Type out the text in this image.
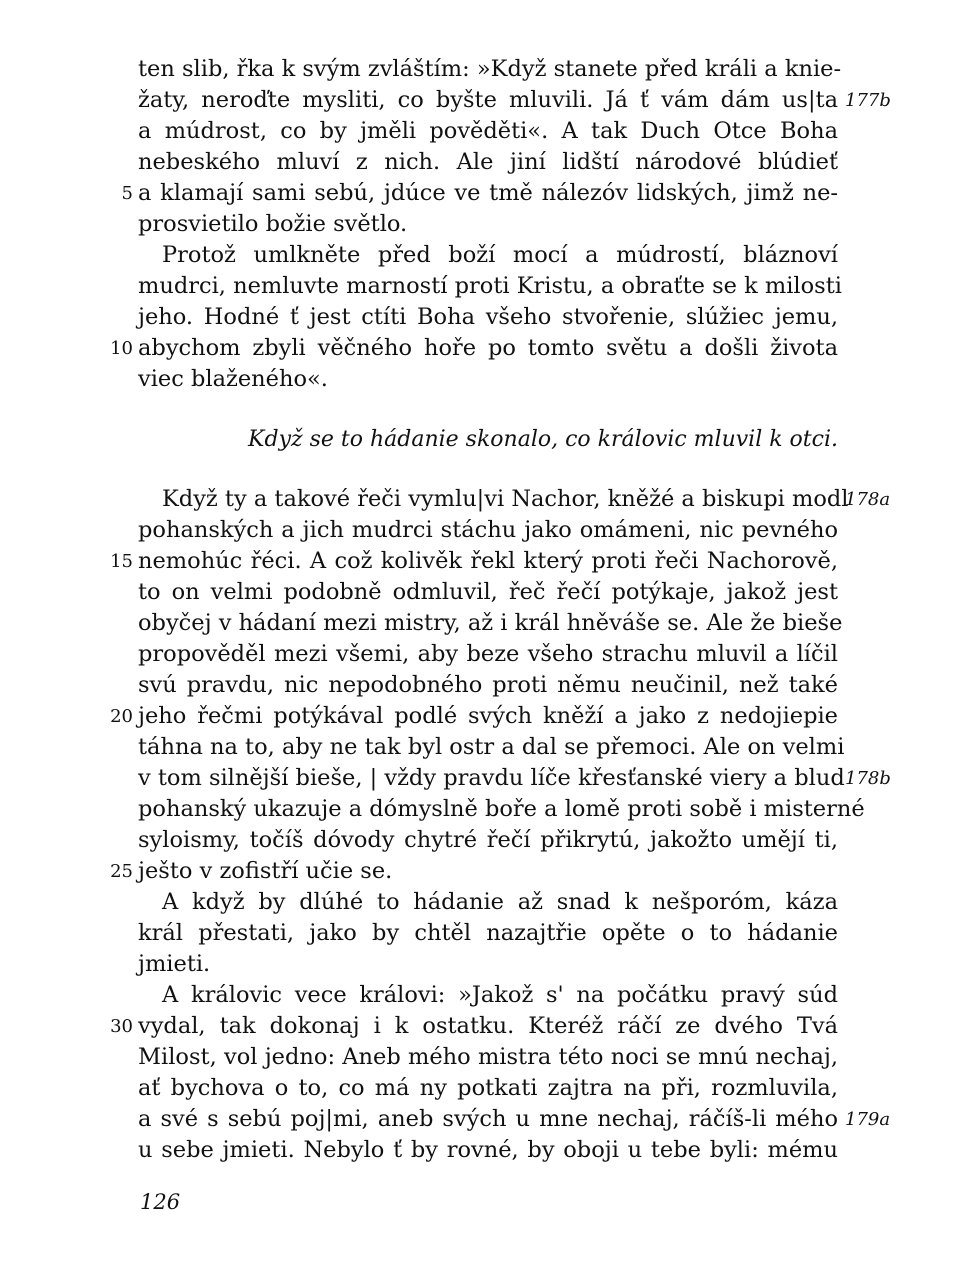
ten slib, řka k svým zvláštím: »Když stanete před králi a knie-
žaty, neroďte mysliti, co byšte mluvili. Já ť vám dám us|ta
a múdrost, co by jměli pověděti«. A tak Duch Otce Boha
nebeského mluví z nich. Ale jiní lidští národové blúdieť
a klamají sami sebú, jdúce ve tmě nálezóv lidských, jimž ne-
prosvietilo božie světlo.
Protož umlkněte před boží mocí a múdrostí, bláznoví
mudrci, nemluvte marností proti Kristu, a obraťte se k milosti
jeho. Hodné ť jest ctíti Boha všeho stvořenie, slúžiec jemu,
abychom zbyli věčného hoře po tomto světu a došli života
viec blaženého«.
Když se to hádanie skonalo, co královic mluvil k otci.
Když ty a takové řeči vymlu|vi Nachor, kněžé a biskupi modl
pohanských a jich mudrci stáchu jako omámeni, nic pevného
nemohúc řéci. A což kolivěk řekl který proti řeči Nachorově,
to on velmi podobně odmluvil, řeč řečí potýkaje, jakož jest
obyčej v hádaní mezi mistry, až i král hněváše se. Ale že bieše
propověděl mezi všemi, aby beze všeho strachu mluvil a líčil
svú pravdu, nic nepodobného proti němu neučinil, než také
jeho řečmi potýkával podlé svých kněží a jako z nedojiepie
táhna na to, aby ne tak byl ostr a dal se přemoci. Ale on velmi
v tom silnější bieše, | vždy pravdu líče křesťanské viery a blud
pohanský ukazuje a dómyslně boře a lomě proti sobě i misterné
syloismy, točíš dóvody chytré řečí přikrytú, jakožto umějí ti,
ješto v zofistří učie se.
A když by dlúhé to hádanie až snad k nešporóm, káza
král přestati, jako by chtěl nazajtřie opěte o to hádanie
jmieti.
A královic vece královi: »Jakož s' na počátku pravý súd
vydal, tak dokonaj i k ostatku. Kteréž ráčí ze dvého Tvá
Milost, vol jedno: Aneb mého mistra této noci se mnú nechaj,
ať bychova o to, co má ny potkati zajtra na při, rozmluvila,
a své s sebú poj|mi, aneb svých u mne nechaj, ráčíš-li mého
u sebe jmieti. Nebylo ť by rovné, by oboji u tebe byli: mému
5
10
15
20
25
30
177b
178a
178b
179a
126
